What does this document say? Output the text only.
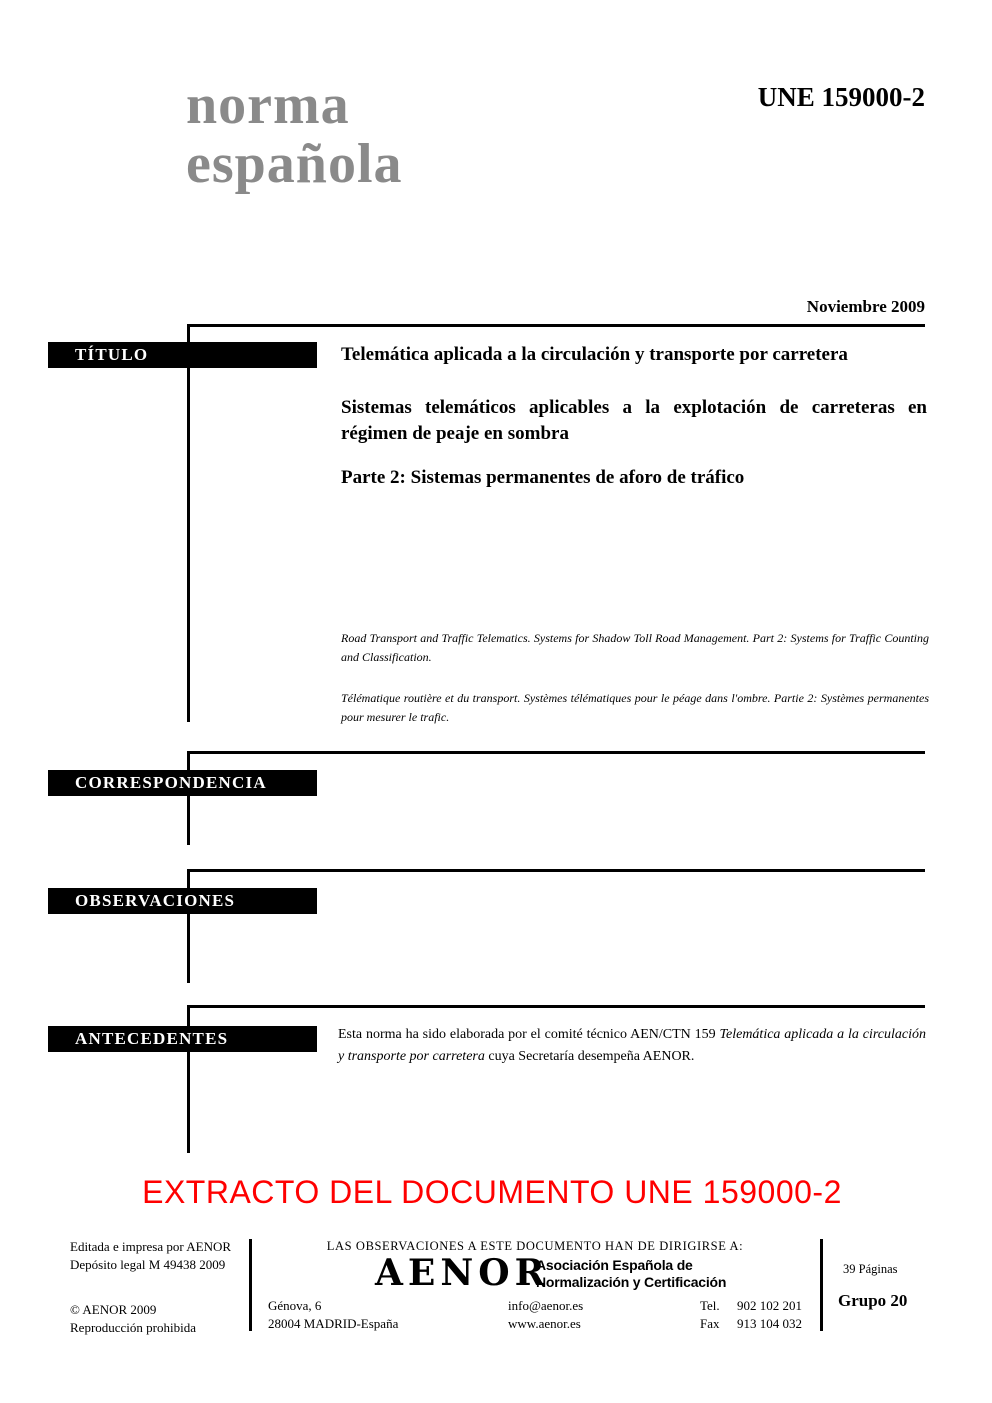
norma
española
UNE 159000-2
Noviembre 2009
TÍTULO	Telemática aplicada a la circulación y transporte por carretera
Sistemas telemáticos aplicables a la explotación de carreteras en régimen de peaje en sombra
Parte 2: Sistemas permanentes de aforo de tráfico
Road Transport and Traffic Telematics. Systems for Shadow Toll Road Management. Part 2: Systems for Traffic Counting and Classification.
Télématique routière et du transport. Systèmes télématiques pour le péage dans l'ombre. Partie 2: Systèmes permanentes pour mesurer le trafic.
CORRESPONDENCIA
OBSERVACIONES
ANTECEDENTES	Esta norma ha sido elaborada por el comité técnico AEN/CTN 159 Telemática aplicada a la circulación y transporte por carretera cuya Secretaría desempeña AENOR.
EXTRACTO DEL DOCUMENTO UNE 159000-2
Editada e impresa por AENOR
Depósito legal M 49438 2009
© AENOR 2009
Reproducción prohibida
LAS OBSERVACIONES A ESTE DOCUMENTO HAN DE DIRIGIRSE A:
AENOR
Asociación Española de
Normalización y Certificación
Génova, 6
28004 MADRID-España
info@aenor.es
www.aenor.es
Tel.
Fax
902 102 201
913 104 032
39 Páginas
Grupo 20
